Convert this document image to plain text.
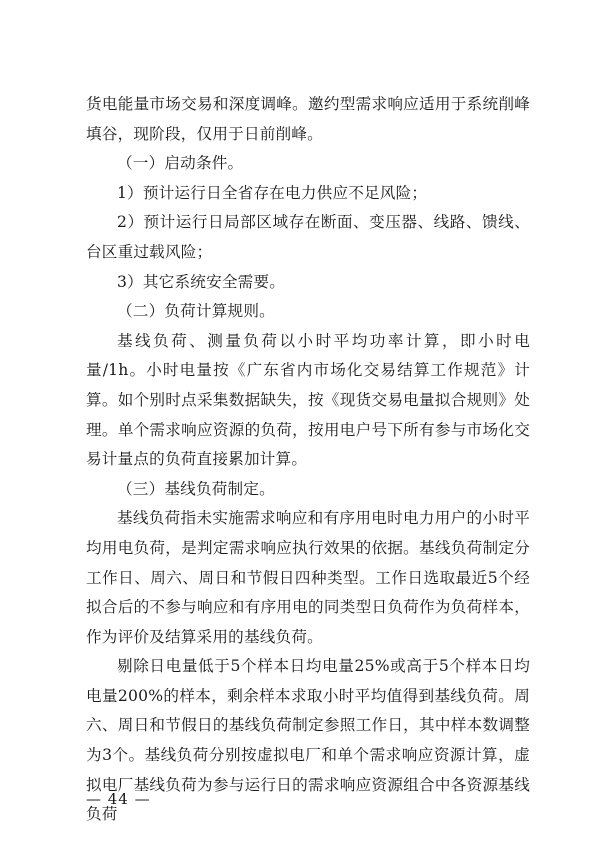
货电能量市场交易和深度调峰。邀约型需求响应适用于系统削峰填谷，现阶段，仅用于日前削峰。

（一）启动条件。

1）预计运行日全省存在电力供应不足风险；

2）预计运行日局部区域存在断面、变压器、线路、馈线、台区重过载风险；

3）其它系统安全需要。

（二）负荷计算规则。

基线负荷、测量负荷以小时平均功率计算，即小时电量/1h。小时电量按《广东省内市场化交易结算工作规范》计算。如个别时点采集数据缺失，按《现货交易电量拟合规则》处理。单个需求响应资源的负荷，按用电户号下所有参与市场化交易计量点的负荷直接累加计算。

（三）基线负荷制定。

基线负荷指未实施需求响应和有序用电时电力用户的小时平均用电负荷，是判定需求响应执行效果的依据。基线负荷制定分工作日、周六、周日和节假日四种类型。工作日选取最近5个经拟合后的不参与响应和有序用电的同类型日负荷作为负荷样本，作为评价及结算采用的基线负荷。

剔除日电量低于5个样本日均电量25%或高于5个样本日均电量200%的样本，剩余样本求取小时平均值得到基线负荷。周六、周日和节假日的基线负荷制定参照工作日，其中样本数调整为3个。基线负荷分别按虚拟电厂和单个需求响应资源计算，虚拟电厂基线负荷为参与运行日的需求响应资源组合中各资源基线负荷

— 44 —
